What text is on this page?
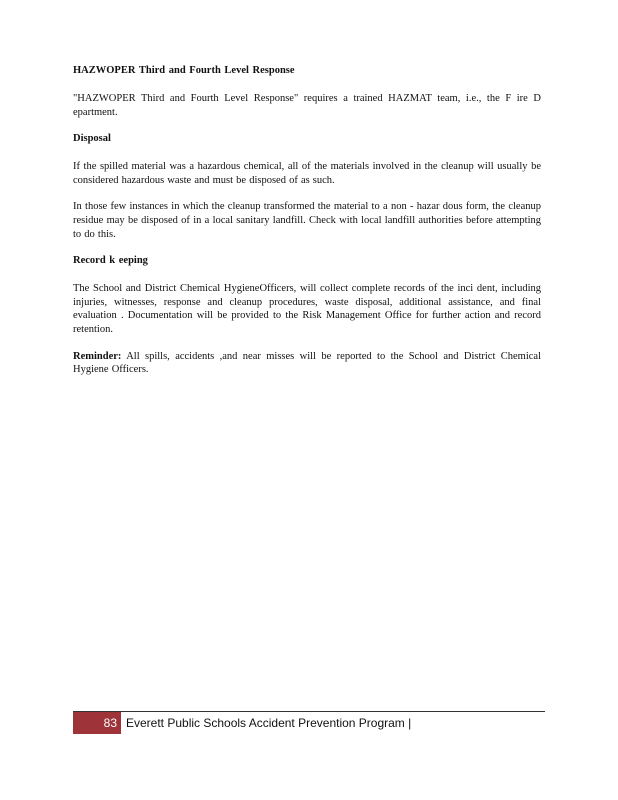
HAZWOPER Third and Fourth Level Response

"HAZWOPER Third and Fourth Level Response" requires a trained HAZMAT team, i.e., the F ire D epartment.

Disposal

If the spilled material was a hazardous chemical, all of the materials involved in the cleanup will usually be considered hazardous waste and must be disposed of as such.

In those few instances in which the cleanup transformed the material to a non - hazar dous form, the cleanup residue may be disposed of in a local sanitary landfill. Check with local landfill authorities before attempting to do this.

Record k eeping

The School and District Chemical HygieneOfficers, will collect complete records of the inci dent, including injuries, witnesses, response and cleanup procedures, waste disposal, additional assistance, and final evaluation . Documentation will be provided to the Risk Management Office for further action and record retention.

Reminder: All spills, accidents ,and near misses will be reported to the School and District Chemical Hygiene Officers.

83 Everett Public Schools Accident Prevention Program |
